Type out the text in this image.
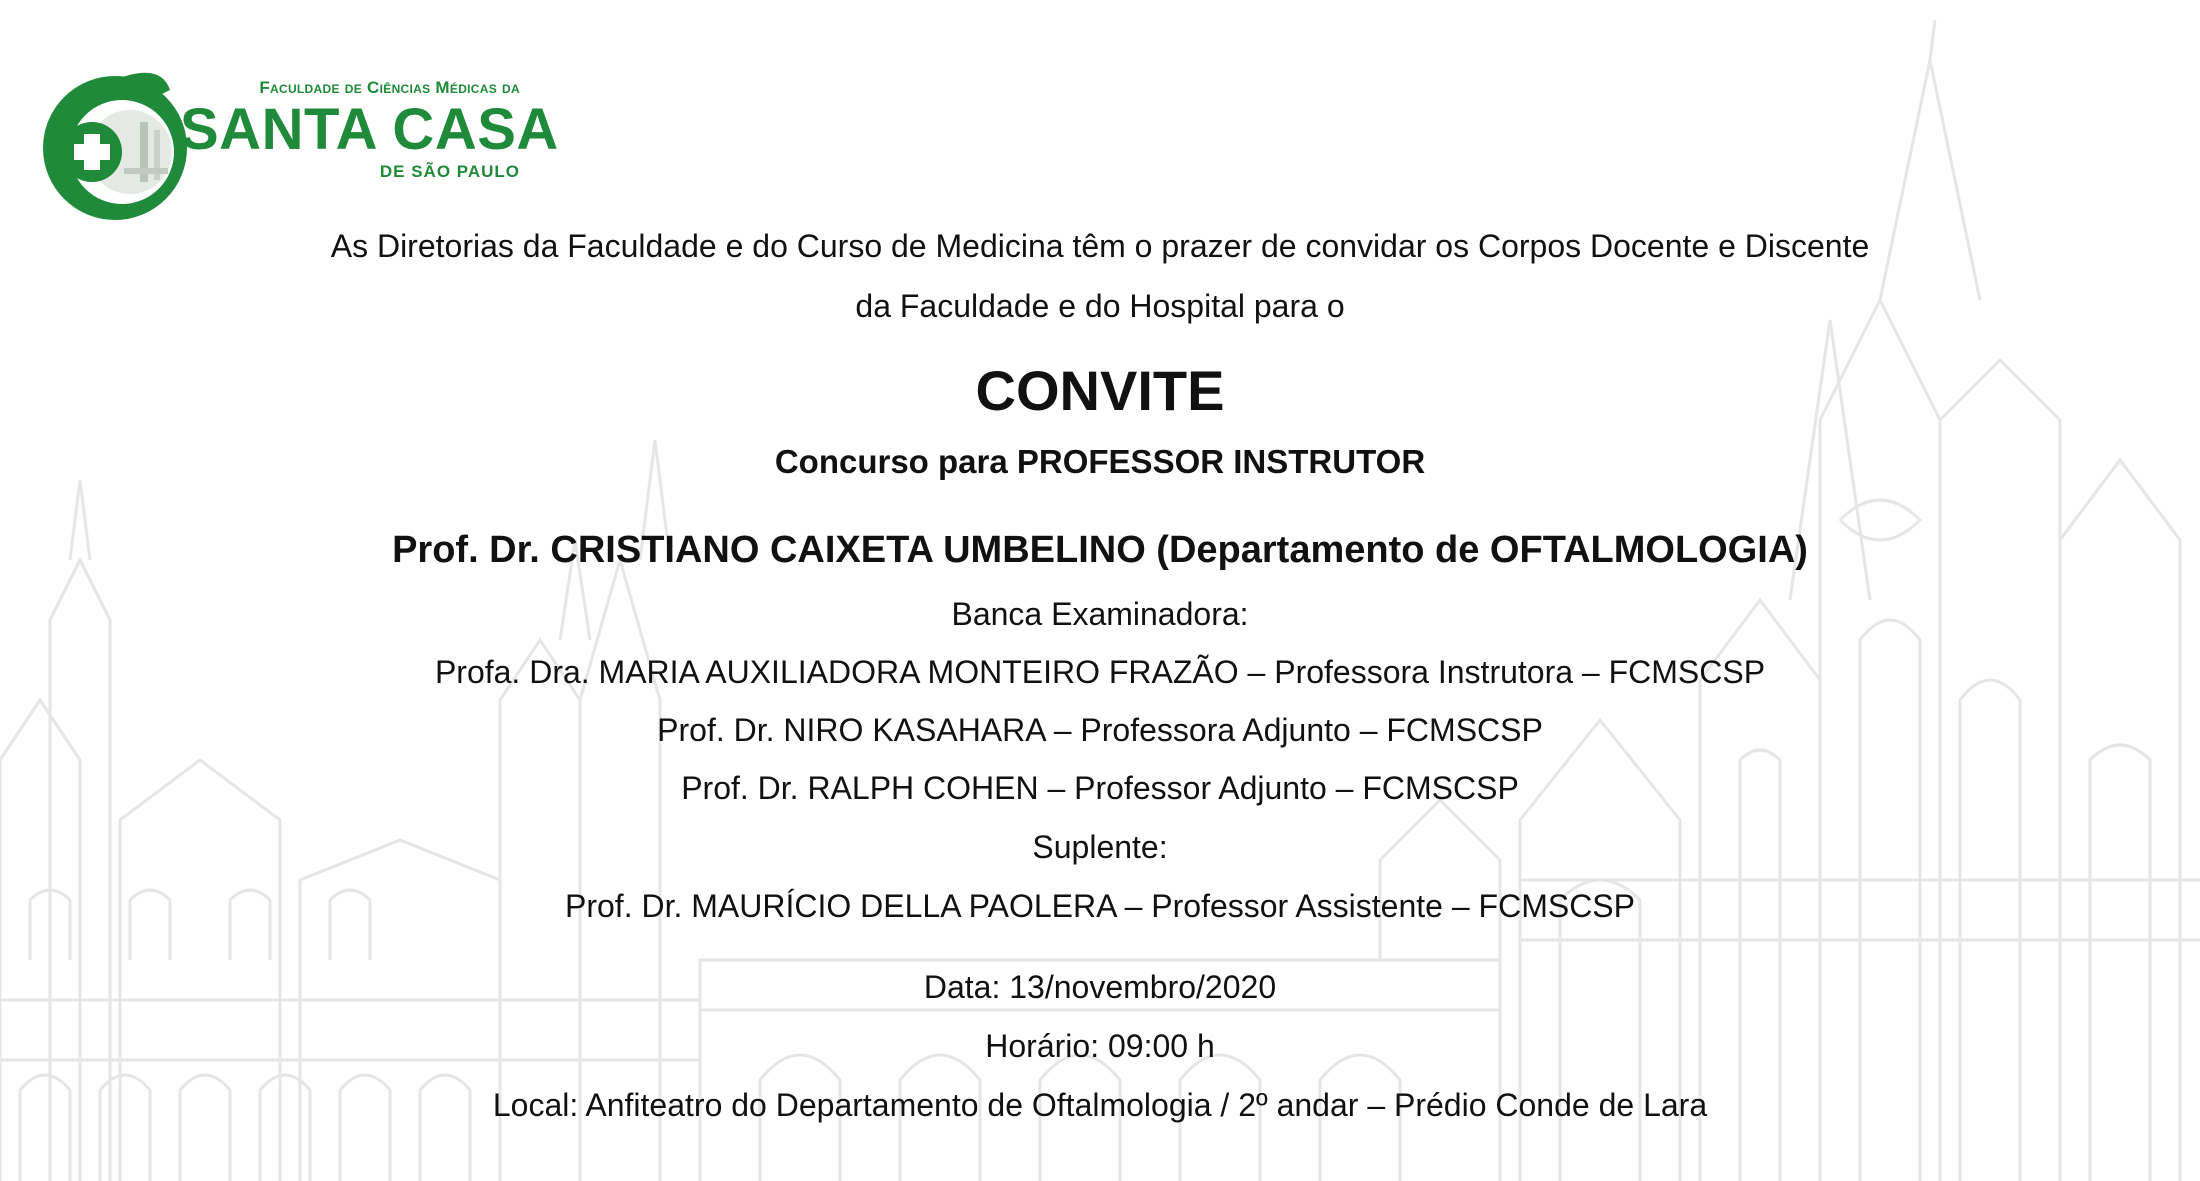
Faculdade de Ciências Médicas da
SANTA CASA
DE SÃO PAULO
As Diretorias da Faculdade e do Curso de Medicina têm o prazer de convidar os Corpos Docente e Discente
da Faculdade e do Hospital para o
CONVITE
Concurso para PROFESSOR INSTRUTOR
Prof. Dr. CRISTIANO CAIXETA UMBELINO (Departamento de OFTALMOLOGIA)
Banca Examinadora:
Profa. Dra. MARIA AUXILIADORA MONTEIRO FRAZÃO – Professora Instrutora – FCMSCSP
Prof. Dr. NIRO KASAHARA – Professora Adjunto – FCMSCSP
Prof. Dr. RALPH COHEN – Professor Adjunto – FCMSCSP
Suplente:
Prof. Dr. MAURÍCIO DELLA PAOLERA – Professor Assistente – FCMSCSP
Data: 13/novembro/2020
Horário: 09:00 h
Local: Anfiteatro do Departamento de Oftalmologia / 2º andar – Prédio Conde de Lara
